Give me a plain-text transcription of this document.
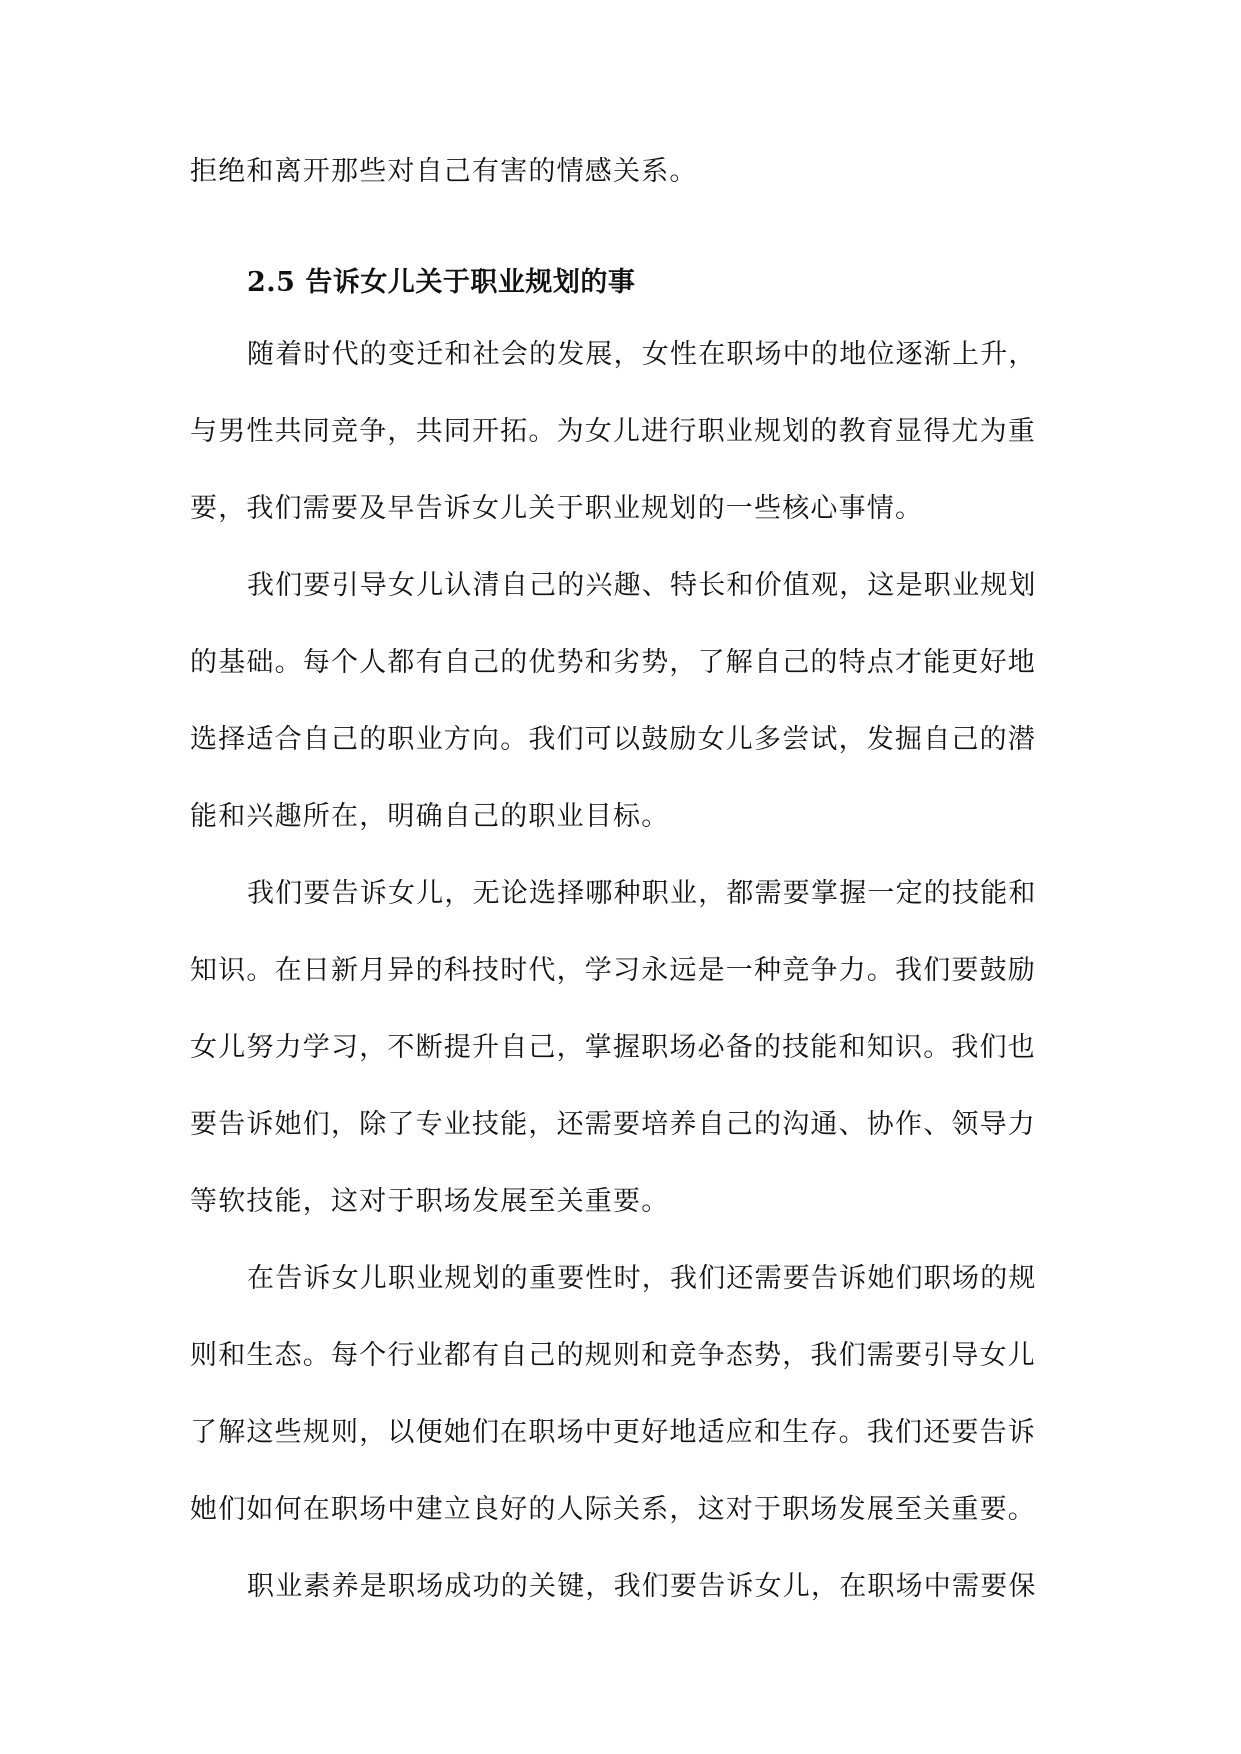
拒绝和离开那些对自己有害的情感关系。
2.5 告诉女儿关于职业规划的事
随着时代的变迁和社会的发展，女性在职场中的地位逐渐上升，
与男性共同竞争，共同开拓。为女儿进行职业规划的教育显得尤为重
要，我们需要及早告诉女儿关于职业规划的一些核心事情。
我们要引导女儿认清自己的兴趣、特长和价值观，这是职业规划
的基础。每个人都有自己的优势和劣势，了解自己的特点才能更好地
选择适合自己的职业方向。我们可以鼓励女儿多尝试，发掘自己的潜
能和兴趣所在，明确自己的职业目标。
我们要告诉女儿，无论选择哪种职业，都需要掌握一定的技能和
知识。在日新月异的科技时代，学习永远是一种竞争力。我们要鼓励
女儿努力学习，不断提升自己，掌握职场必备的技能和知识。我们也
要告诉她们，除了专业技能，还需要培养自己的沟通、协作、领导力
等软技能，这对于职场发展至关重要。
在告诉女儿职业规划的重要性时，我们还需要告诉她们职场的规
则和生态。每个行业都有自己的规则和竞争态势，我们需要引导女儿
了解这些规则，以便她们在职场中更好地适应和生存。我们还要告诉
她们如何在职场中建立良好的人际关系，这对于职场发展至关重要。
职业素养是职场成功的关键，我们要告诉女儿，在职场中需要保
